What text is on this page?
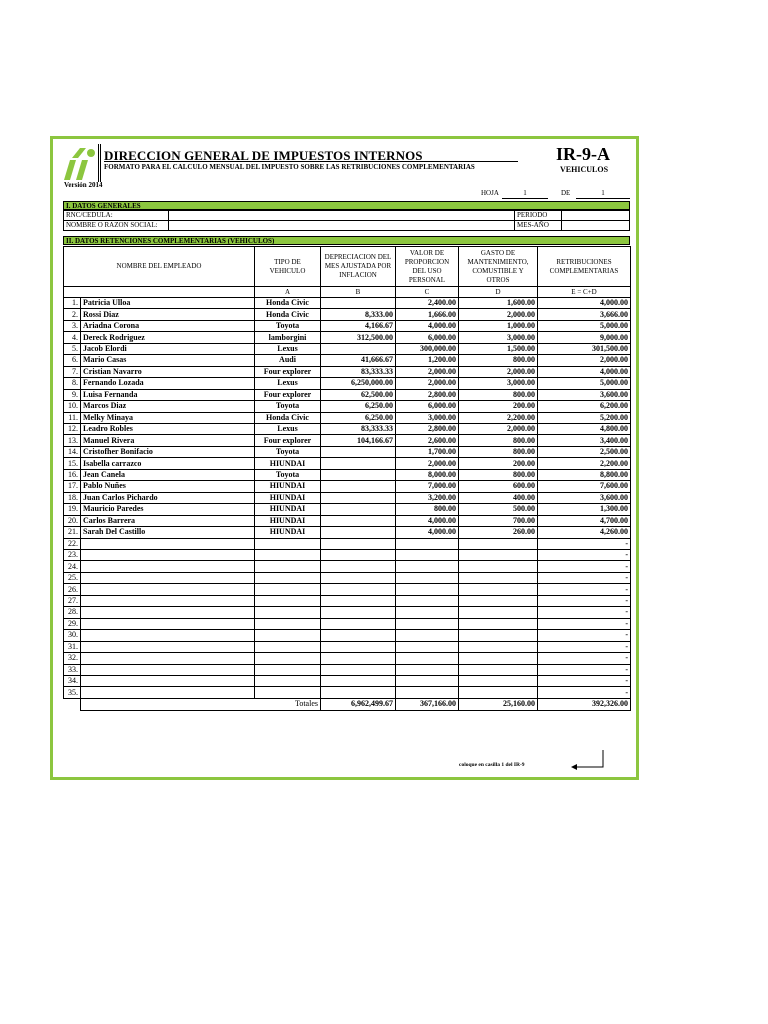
DIRECCION GENERAL DE IMPUESTOS INTERNOS
FORMATO PARA EL CALCULO MENSUAL DEL IMPUESTO SOBRE LAS RETRIBUCIONES COMPLEMENTARIAS
IR-9-A
VEHICULOS
Versión 2014
HOJA	1	DE	1
I. DATOS GENERALES
RNC/CEDULA:	PERIODO
NOMBRE O RAZON SOCIAL:	MES-AÑO
II. DATOS RETENCIONES COMPLEMENTARIAS (VEHICULOS)
NOMBRE DEL EMPLEADO		TIPO DE VEHICULO	DEPRECIACION DEL MES AJUSTADA POR INFLACION	VALOR DE PROPORCION DEL USO PERSONAL	GASTO DE MANTENIMIENTO, COMUSTIBLE Y OTROS	RETRIBUCIONES COMPLEMENTARIAS
		A	B	C	D	E = C+D
1.	Patricia Ulloa	Honda Civic		2,400.00	1,600.00	4,000.00
2.	Rossi Diaz	Honda Civic	8,333.00	1,666.00	2,000.00	3,666.00
3.	Ariadna Corona	Toyota	4,166.67	4,000.00	1,000.00	5,000.00
4.	Dereck Rodriguez	lamborgini	312,500.00	6,000.00	3,000.00	9,000.00
5.	Jacob Elordi	Lexus		300,000.00	1,500.00	301,500.00
6.	Mario Casas	Audi	41,666.67	1,200.00	800.00	2,000.00
7.	Cristian Navarro	Four explorer	83,333.33	2,000.00	2,000.00	4,000.00
8.	Fernando Lozada	Lexus	6,250,000.00	2,000.00	3,000.00	5,000.00
9.	Luisa Fernanda	Four explorer	62,500.00	2,800.00	800.00	3,600.00
10.	Marcos Diaz	Toyota	6,250.00	6,000.00	200.00	6,200.00
11.	Melky Minaya	Honda Civic	6,250.00	3,000.00	2,200.00	5,200.00
12.	Leadro Robles	Lexus	83,333.33	2,800.00	2,000.00	4,800.00
13.	Manuel Rivera	Four explorer	104,166.67	2,600.00	800.00	3,400.00
14.	Cristofher Bonifacio	Toyota		1,700.00	800.00	2,500.00
15.	Isabella carrazco	HIUNDAI		2,000.00	200.00	2,200.00
16.	Jean Canela	Toyota		8,000.00	800.00	8,800.00
17.	Pablo Nuñes	HIUNDAI		7,000.00	600.00	7,600.00
18.	Juan Carlos Pichardo	HIUNDAI		3,200.00	400.00	3,600.00
19.	Mauricio Paredes	HIUNDAI		800.00	500.00	1,300.00
20.	Carlos Barrera	HIUNDAI		4,000.00	700.00	4,700.00
21.	Sarah Del Castillo	HIUNDAI		4,000.00	260.00	4,260.00
22.						-
23.						-
24.						-
25.						-
26.						-
27.						-
28.						-
29.						-
30.						-
31.						-
32.						-
33.						-
34.						-
35.						-
	Totales		6,962,499.67	367,166.00	25,160.00	392,326.00
coloque en casilla 1 del IR-9
